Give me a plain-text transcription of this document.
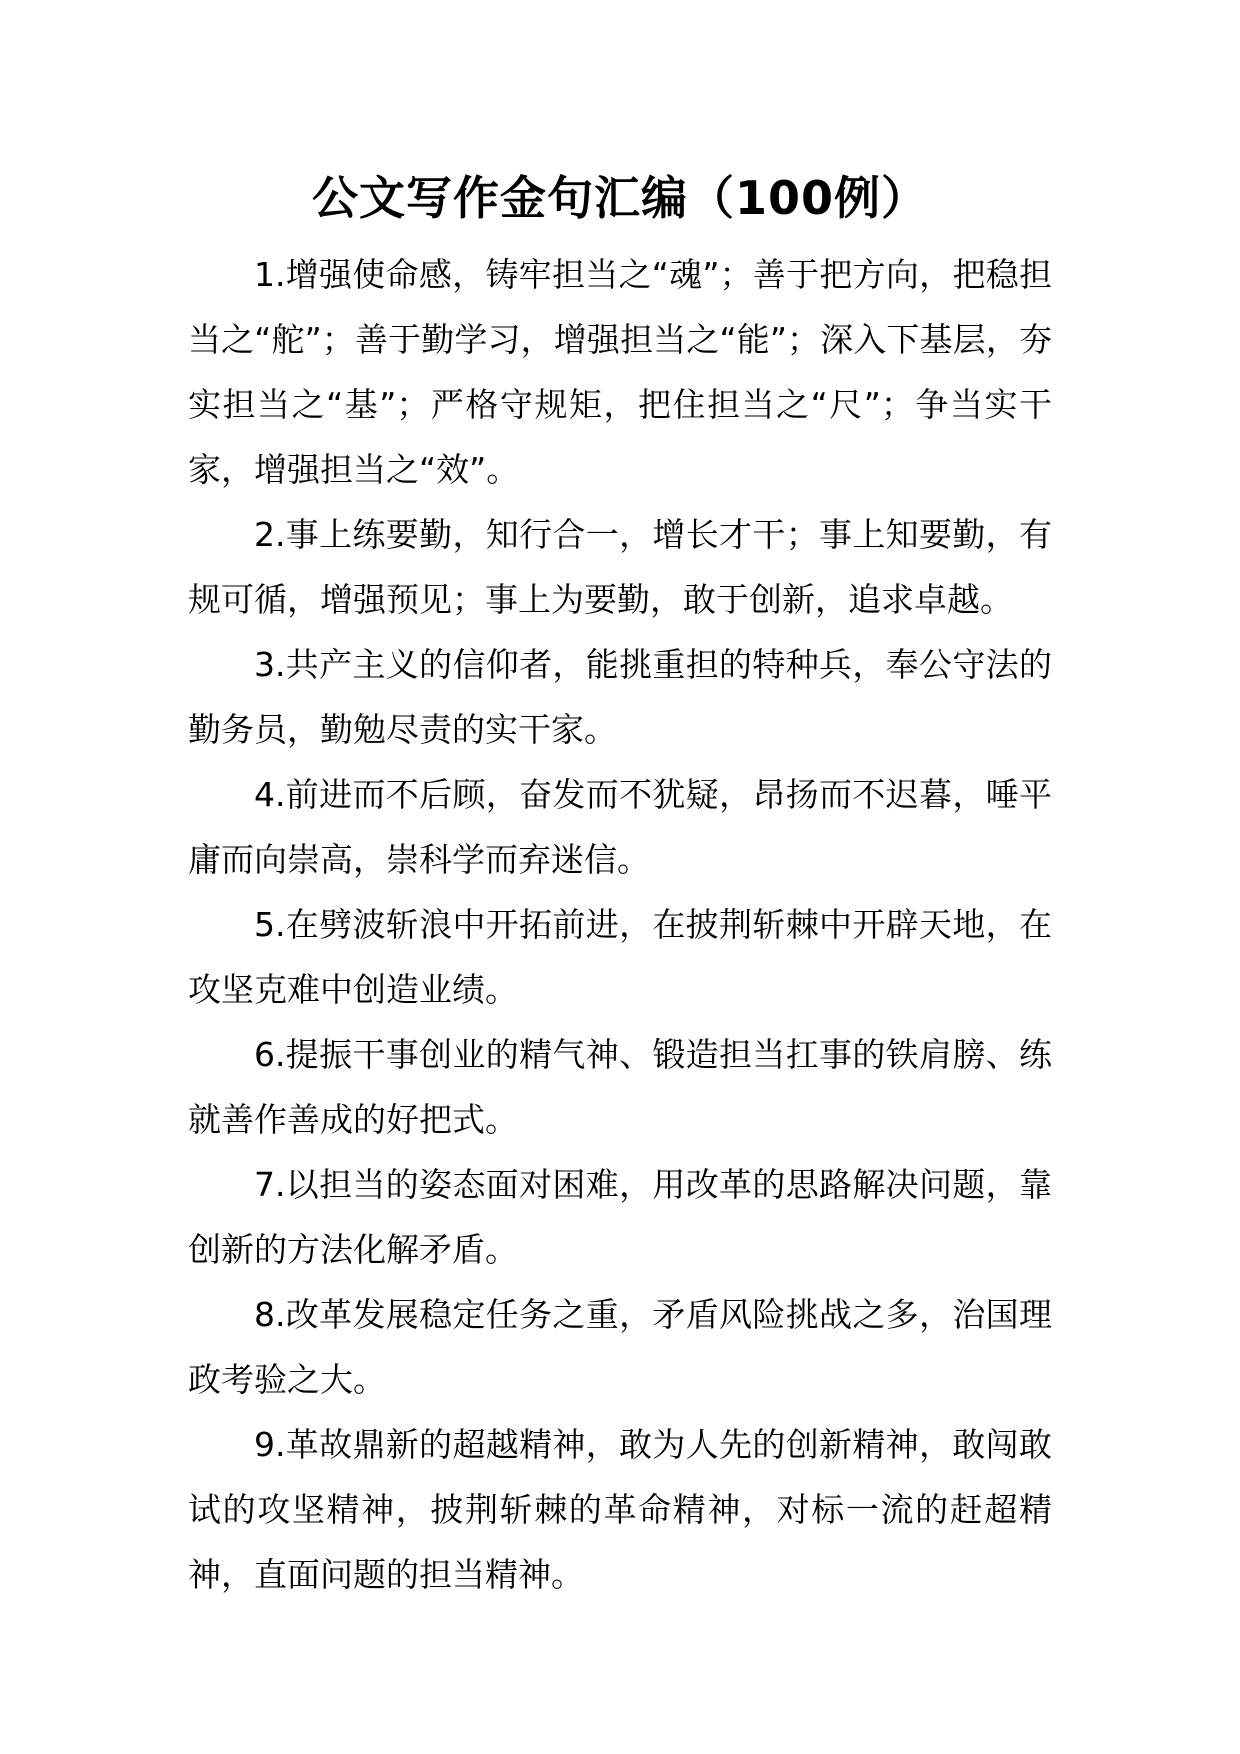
公文写作金句汇编（100例）

1.增强使命感，铸牢担当之“魂”；善于把方向，把稳担当之“舵”；善于勤学习，增强担当之“能”；深入下基层，夯实担当之“基”；严格守规矩，把住担当之“尺”；争当实干家，增强担当之“效”。

2.事上练要勤，知行合一，增长才干；事上知要勤，有规可循，增强预见；事上为要勤，敢于创新，追求卓越。

3.共产主义的信仰者，能挑重担的特种兵，奉公守法的勤务员，勤勉尽责的实干家。

4.前进而不后顾，奋发而不犹疑，昂扬而不迟暮，唾平庸而向崇高，崇科学而弃迷信。

5.在劈波斩浪中开拓前进，在披荆斩棘中开辟天地，在攻坚克难中创造业绩。

6.提振干事创业的精气神、锻造担当扛事的铁肩膀、练就善作善成的好把式。

7.以担当的姿态面对困难，用改革的思路解决问题，靠创新的方法化解矛盾。

8.改革发展稳定任务之重，矛盾风险挑战之多，治国理政考验之大。

9.革故鼎新的超越精神，敢为人先的创新精神，敢闯敢试的攻坚精神，披荆斩棘的革命精神，对标一流的赶超精神，直面问题的担当精神。
